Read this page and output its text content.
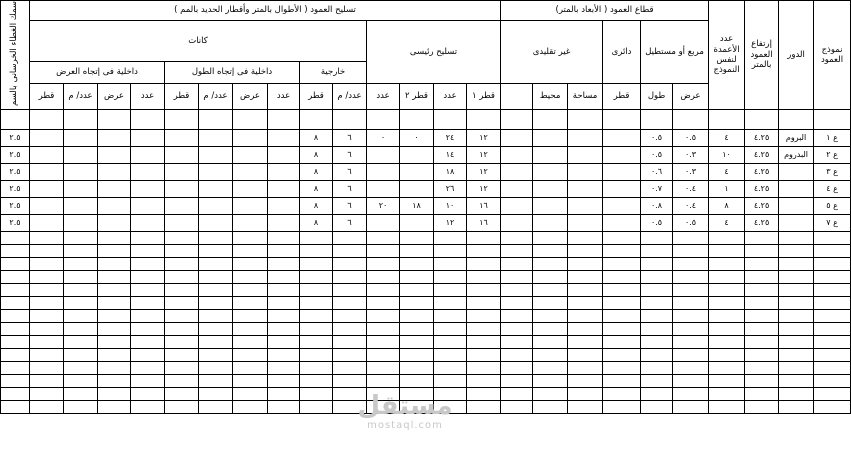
نموذج العمود	الدور	إرتفاع العمود بالمتر	عدد الأعمدة لنفس النموذج	قطاع العمود ( الأبعاد بالمتر)						تسليح العمود ( الأطوال بالمتر وأقطار الحديد بالمم )														سمك الغطاء الخرسانى بالسم
				مربع أو مستطيل		دائرى	غير تقليدى			تسليح رئيسى				كانات										
														خارجية		داخلية فى إتجاه الطول				داخلية فى إتجاه العرض				
				عرض	طول	قطر	مساحة	محيط		قطر ١	عدد	قطر ٢	عدد	عدد/ م	قطر	عدد	عرض	عدد/ م	قطر	عدد	عرض	عدد/ م	قطر	

ع ١	البروم	٤.٢٥	٤	٠.٥	٠.٥					١٢	٢٤	٠	٠	٦	٨									٢.٥
ع ٢	البدروم	٤.٢٥	١٠	٠.٣	٠.٥					١٢	١٤			٦	٨									٢.٥
ع ٣		٤.٢٥	٤	٠.٣	٠.٦					١٢	١٨			٦	٨									٢.٥
ع ٤		٤.٢٥	١	٠.٤	٠.٧					١٢	٢٦			٦	٨									٢.٥
ع ٥		٤.٢٥	٨	٠.٤	٠.٨					١٦	١٠	١٨	٢٠	٦	٨									٢.٥
ع ٧		٤.٢٥	٤	٠.٥	٠.٥					١٦	١٢			٦	٨									٢.٥

مستقل
mostaql.com
